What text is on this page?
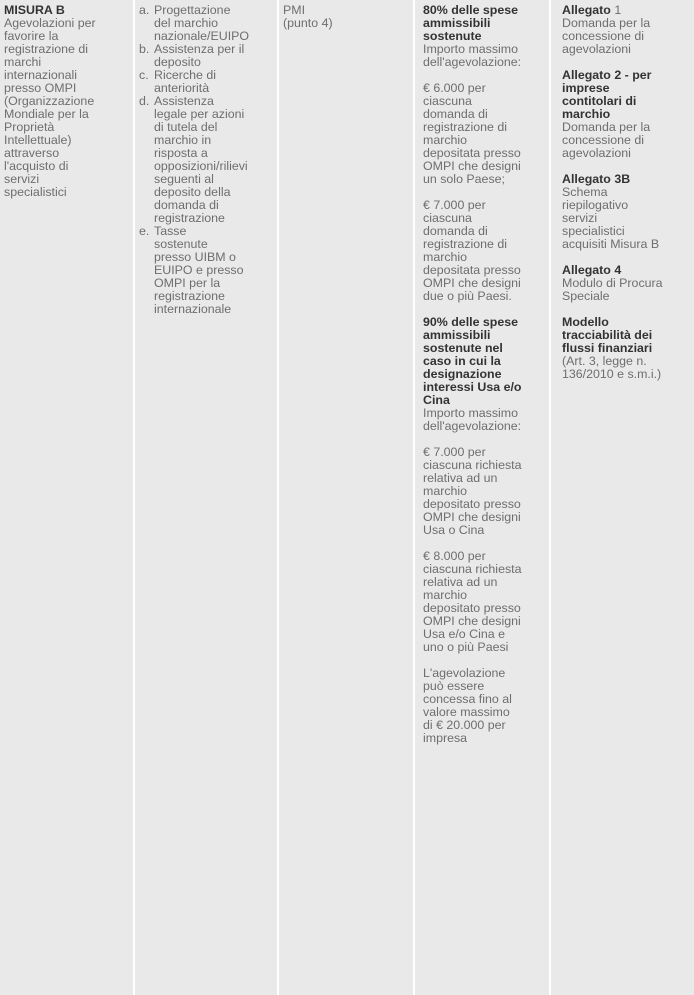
MISURA B
Agevolazioni per
favorire la
registrazione di
marchi
internazionali
presso OMPI
(Organizzazione
Mondiale per la
Proprietà
Intellettuale)
attraverso
l'acquisto di
servizi
specialistici
a. Progettazione
del marchio
nazionale/EUIPO
b. Assistenza per il
deposito
c. Ricerche di
anteriorità
d. Assistenza
legale per azioni
di tutela del
marchio in
risposta a
opposizioni/rilievi
seguenti al
deposito della
domanda di
registrazione
e. Tasse
sostenute
presso UIBM o
EUIPO e presso
OMPI per la
registrazione
internazionale
PMI
(punto 4)
80% delle spese
ammissibili
sostenute
Importo massimo
dell'agevolazione:
€ 6.000 per
ciascuna
domanda di
registrazione di
marchio
depositata presso
OMPI che designi
un solo Paese;
€ 7.000 per
ciascuna
domanda di
registrazione di
marchio
depositata presso
OMPI che designi
due o più Paesi.
90% delle spese
ammissibili
sostenute nel
caso in cui la
designazione
interessi Usa e/o
Cina
Importo massimo
dell'agevolazione:
€ 7.000 per
ciascuna richiesta
relativa ad un
marchio
depositato presso
OMPI che designi
Usa o Cina
€ 8.000 per
ciascuna richiesta
relativa ad un
marchio
depositato presso
OMPI che designi
Usa e/o Cina e
uno o più Paesi
L'agevolazione
può essere
concessa fino al
valore massimo
di € 20.000 per
impresa
Allegato 1
Domanda per la
concessione di
agevolazioni
Allegato 2 - per
imprese
contitolari di
marchio
Domanda per la
concessione di
agevolazioni
Allegato 3B
Schema
riepilogativo
servizi
specialistici
acquisiti Misura B
Allegato 4
Modulo di Procura
Speciale
Modello
tracciabilità dei
flussi finanziari
(Art. 3, legge n.
136/2010 e s.m.i.)
